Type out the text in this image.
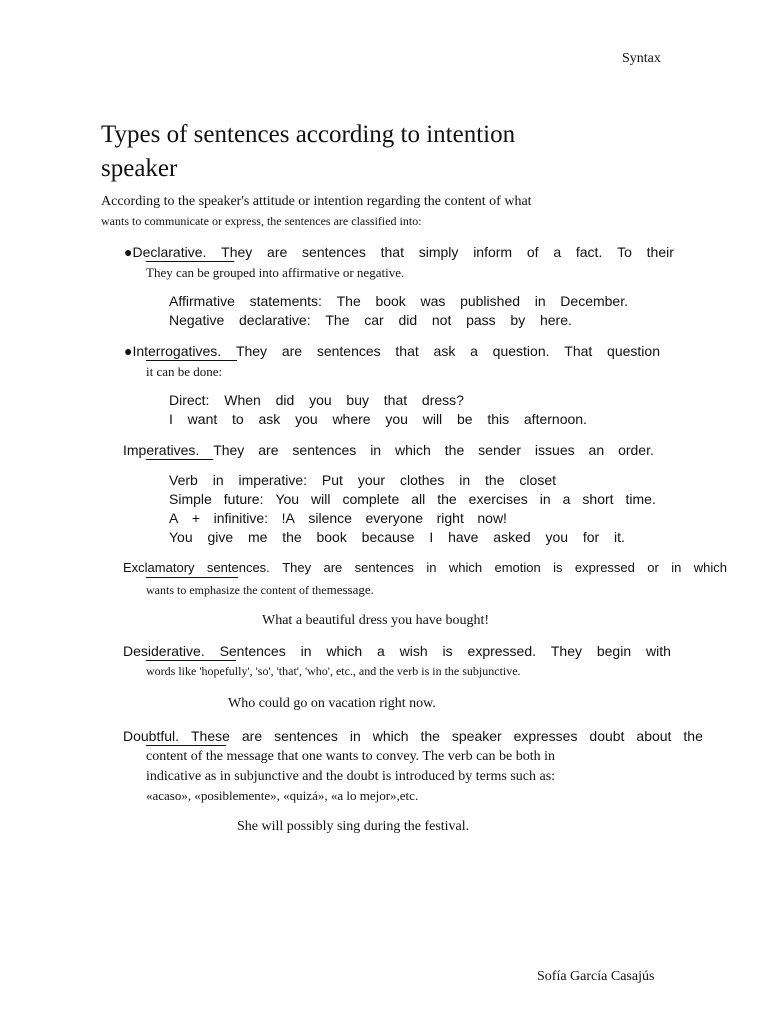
Syntax
Types of sentences according to intention
speaker
According to the speaker's attitude or intention regarding the content of what
wants to communicate or express, the sentences are classified into:
●Declarative. They are sentences that simply inform of a fact. To their
They can be grouped into affirmative or negative.
Affirmative statements: The book was published in December.
Negative declarative: The car did not pass by here.
●Interrogatives. They are sentences that ask a question. That question
it can be done:
Direct: When did you buy that dress?
I want to ask you where you will be this afternoon.
Imperatives. They are sentences in which the sender issues an order.
Verb in imperative: Put your clothes in the closet
Simple future: You will complete all the exercises in a short time.
A + infinitive: !A silence everyone right now!
You give me the book because I have asked you for it.
Exclamatory sentences. They are sentences in which emotion is expressed or in which
wants to emphasize the content of themessage.
What a beautiful dress you have bought!
Desiderative. Sentences in which a wish is expressed. They begin with
words like 'hopefully', 'so', 'that', 'who', etc., and the verb is in the subjunctive.
Who could go on vacation right now.
Doubtful. These are sentences in which the speaker expresses doubt about the
content of the message that one wants to convey. The verb can be both in
indicative as in subjunctive and the doubt is introduced by terms such as:
«acaso», «posiblemente», «quizá», «a lo mejor»,etc.
She will possibly sing during the festival.
Sofía García Casajús
